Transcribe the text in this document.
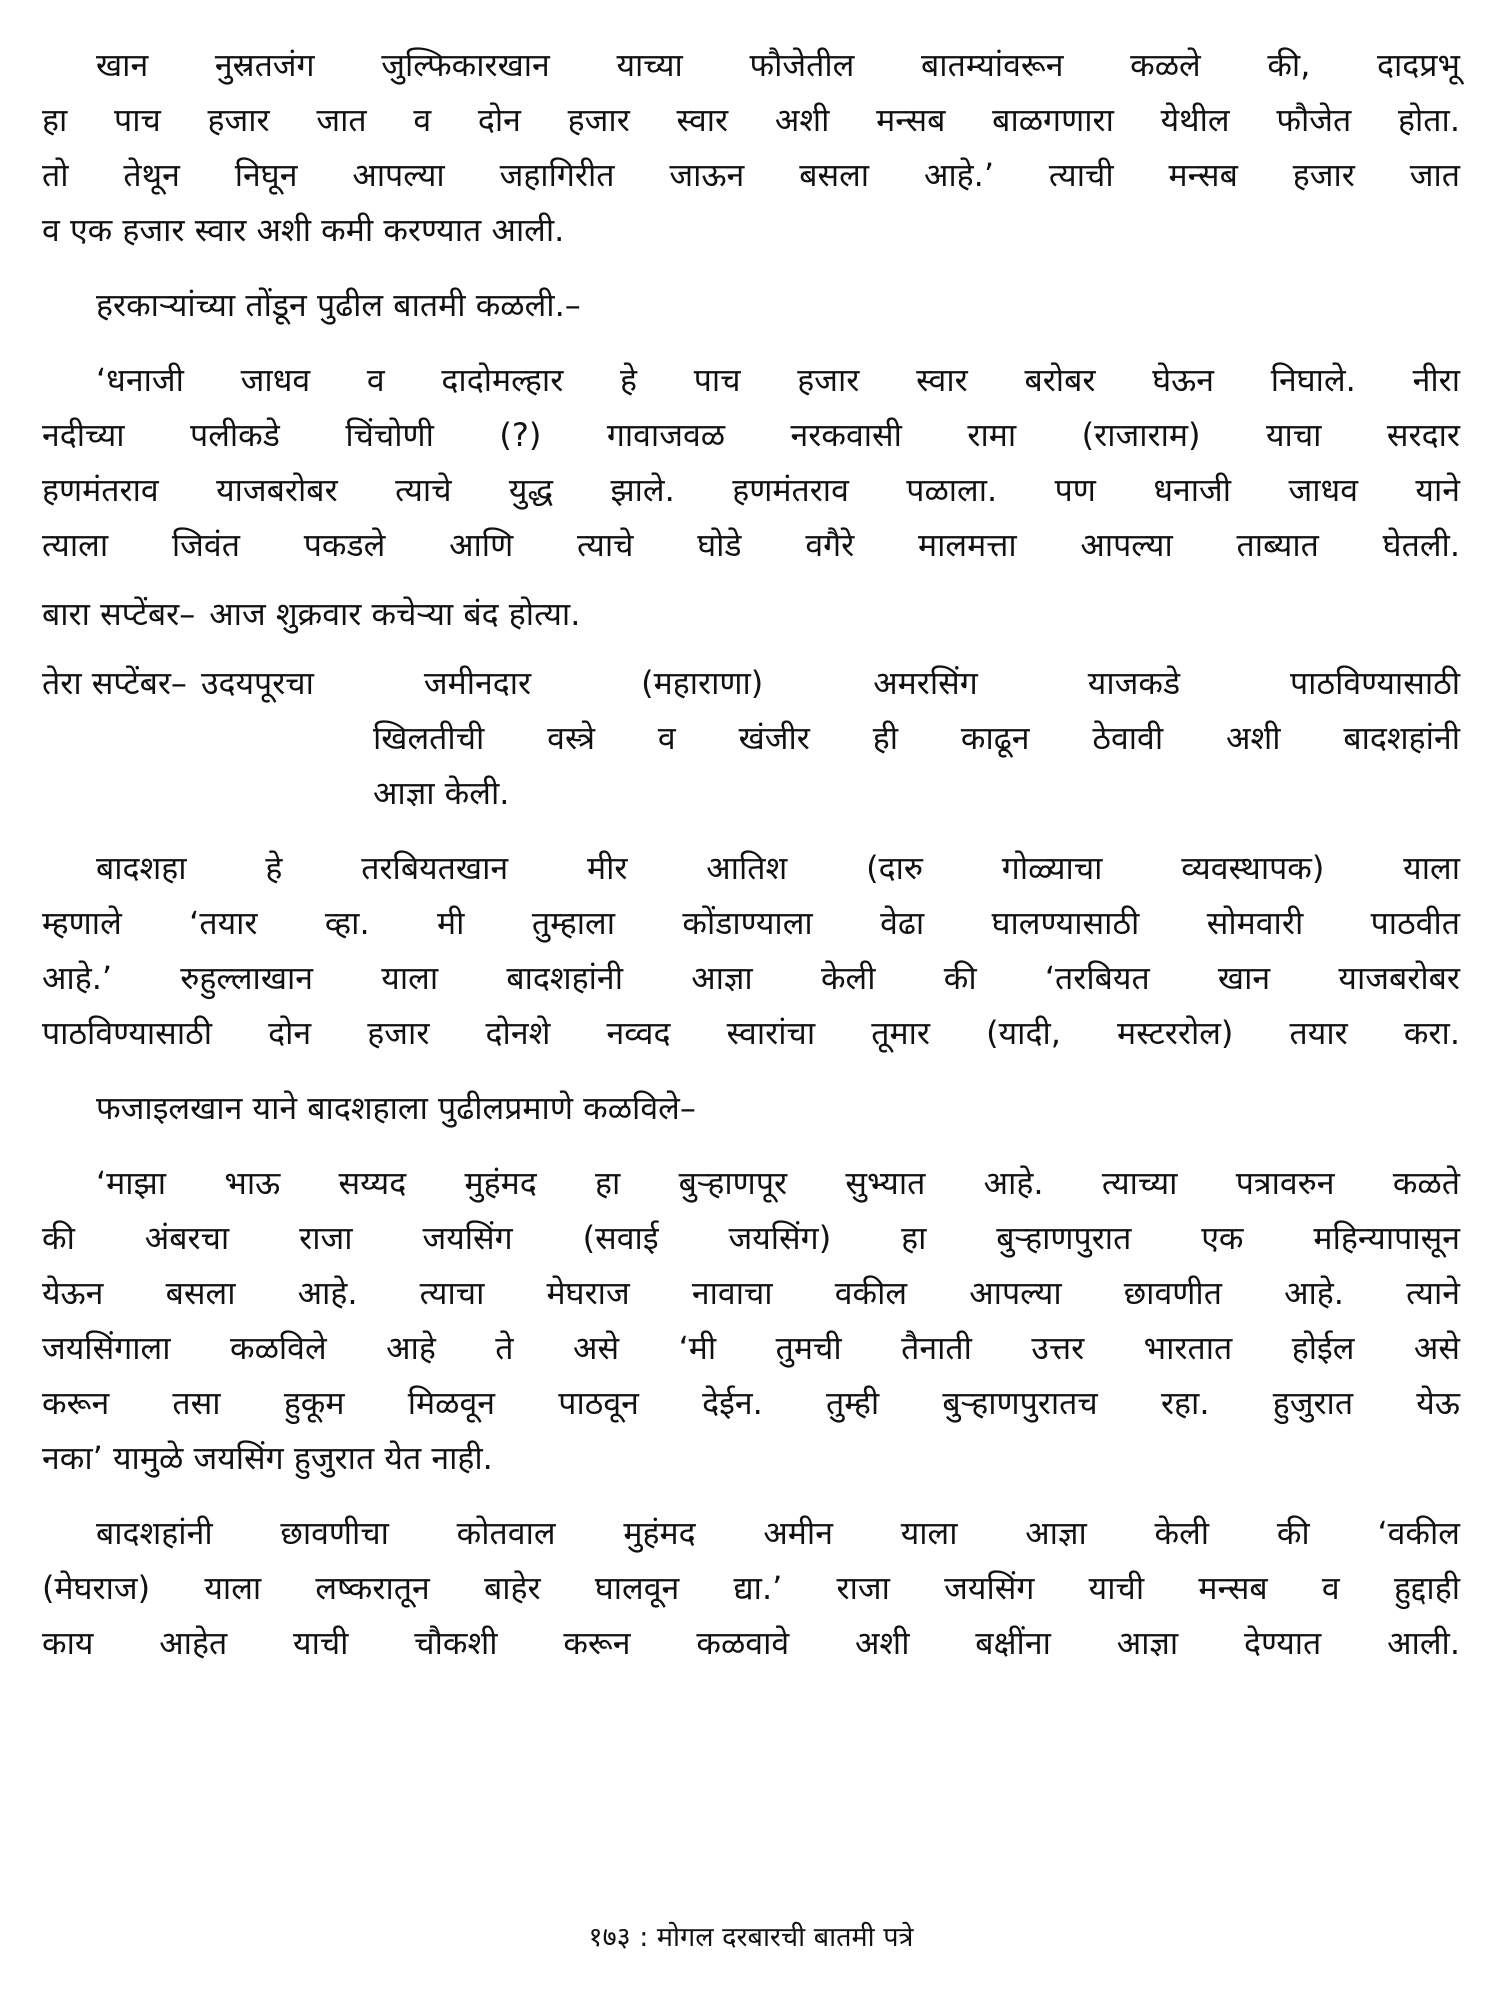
खान नुस्रतजंग जुल्फिकारखान याच्या फौजेतील बातम्यांवरून कळले की, दादप्रभू
हा पाच हजार जात व दोन हजार स्वार अशी मन्सब बाळगणारा येथील फौजेत होता.
तो तेथून निघून आपल्या जहागिरीत जाऊन बसला आहे.’ त्याची मन्सब हजार जात
व एक हजार स्वार अशी कमी करण्यात आली.

हरकाऱ्यांच्या तोंडून पुढील बातमी कळली.–

‘धनाजी जाधव व दादोमल्हार हे पाच हजार स्वार बरोबर घेऊन निघाले. नीरा
नदीच्या पलीकडे चिंचोणी (?) गावाजवळ नरकवासी रामा (राजाराम) याचा सरदार
हणमंतराव याजबरोबर त्याचे युद्ध झाले. हणमंतराव पळाला. पण धनाजी जाधव याने
त्याला जिवंत पकडले आणि त्याचे घोडे वगैरे मालमत्ता आपल्या ताब्यात घेतली.

बारा सप्टेंबर– आज शुक्रवार कचेऱ्या बंद होत्या.
तेरा सप्टेंबर– उदयपूरचा जमीनदार (महाराणा) अमरसिंग याजकडे पाठविण्यासाठी
खिलतीची वस्त्रे व खंजीर ही काढून ठेवावी अशी बादशहांनी
आज्ञा केली.

बादशहा हे तरबियतखान मीर आतिश (दारु गोळ्याचा व्यवस्थापक) याला
म्हणाले ‘तयार व्हा. मी तुम्हाला कोंडाण्याला वेढा घालण्यासाठी सोमवारी पाठवीत
आहे.’ रुहुल्लाखान याला बादशहांनी आज्ञा केली की ‘तरबियत खान याजबरोबर
पाठविण्यासाठी दोन हजार दोनशे नव्वद स्वारांचा तूमार (यादी, मस्टररोल) तयार करा.

फजाइलखान याने बादशहाला पुढीलप्रमाणे कळविले–

‘माझा भाऊ सय्यद मुहंमद हा बुऱ्हाणपूर सुभ्यात आहे. त्याच्या पत्रावरुन कळते
की अंबरचा राजा जयसिंग (सवाई जयसिंग) हा बुऱ्हाणपुरात एक महिन्यापासून
येऊन बसला आहे. त्याचा मेघराज नावाचा वकील आपल्या छावणीत आहे. त्याने
जयसिंगाला कळविले आहे ते असे ‘मी तुमची तैनाती उत्तर भारतात होईल असे
करून तसा हुकूम मिळवून पाठवून देईन. तुम्ही बुऱ्हाणपुरातच रहा. हुजुरात येऊ
नका’ यामुळे जयसिंग हुजुरात येत नाही.

बादशहांनी छावणीचा कोतवाल मुहंमद अमीन याला आज्ञा केली की ‘वकील
(मेघराज) याला लष्करातून बाहेर घालवून द्या.’ राजा जयसिंग याची मन्सब व हुद्दाही
काय आहेत याची चौकशी करून कळवावे अशी बक्षींना आज्ञा देण्यात आली.

१७३ : मोगल दरबारची बातमी पत्रे
